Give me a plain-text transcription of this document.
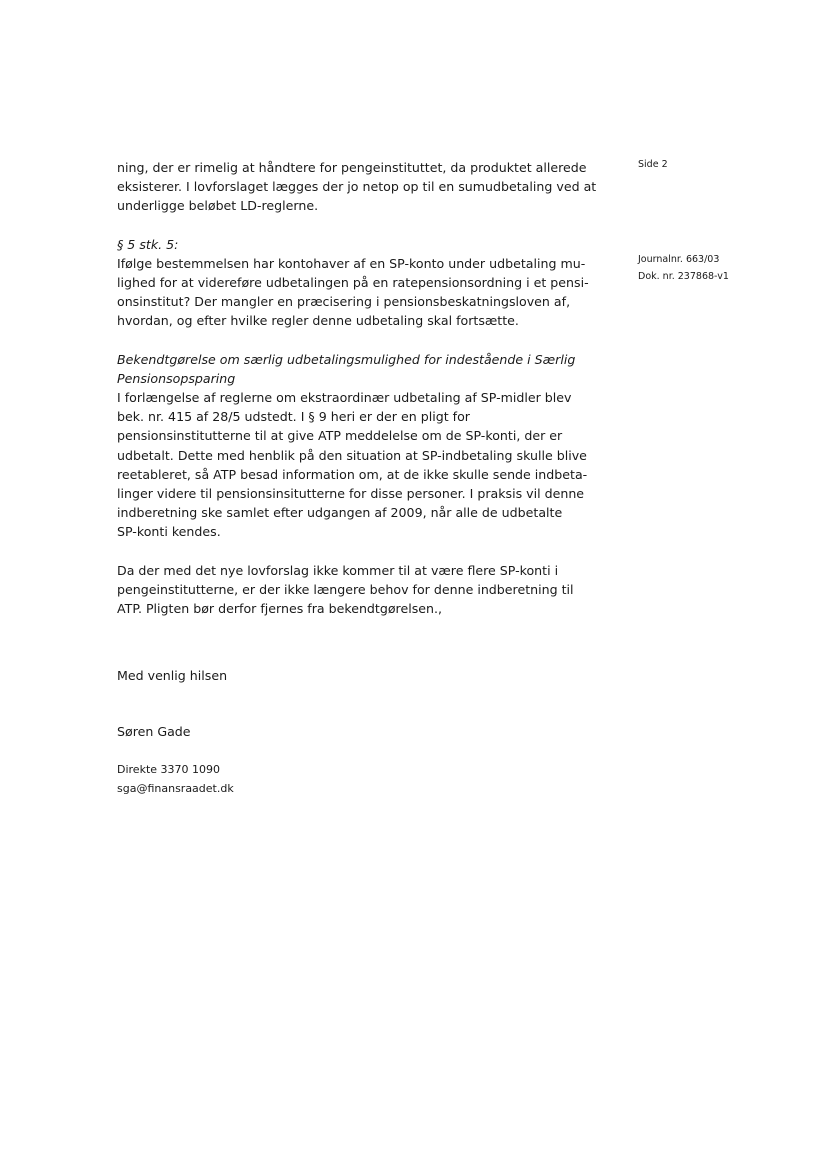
Side 2
Journalnr. 663/03
Dok. nr. 237868-v1

ning, der er rimelig at håndtere for pengeinstituttet, da produktet allerede
eksisterer. I lovforslaget lægges der jo netop op til en sumudbetaling ved at
underligge beløbet LD-reglerne.

§ 5 stk. 5:
Ifølge bestemmelsen har kontohaver af en SP-konto under udbetaling mu-
lighed for at videreføre udbetalingen på en ratepensionsordning i et pensi-
onsinstitut? Der mangler en præcisering i pensionsbeskatningsloven af,
hvordan, og efter hvilke regler denne udbetaling skal fortsætte.

Bekendtgørelse om særlig udbetalingsmulighed for indestående i Særlig
Pensionsopsparing
I forlængelse af reglerne om ekstraordinær udbetaling af SP-midler blev
bek. nr. 415 af 28/5 udstedt. I § 9 heri er der en pligt for
pensionsinstitutterne til at give ATP meddelelse om de SP-konti, der er
udbetalt. Dette med henblik på den situation at SP-indbetaling skulle blive
reetableret, så ATP besad information om, at de ikke skulle sende indbeta-
linger videre til pensionsinsitutterne for disse personer. I praksis vil denne
indberetning ske samlet efter udgangen af 2009, når alle de udbetalte
SP-konti kendes.

Da der med det nye lovforslag ikke kommer til at være flere SP-konti i
pengeinstitutterne, er der ikke længere behov for denne indberetning til
ATP. Pligten bør derfor fjernes fra bekendtgørelsen.,

Med venlig hilsen
Søren Gade
Direkte 3370 1090
sga@finansraadet.dk
